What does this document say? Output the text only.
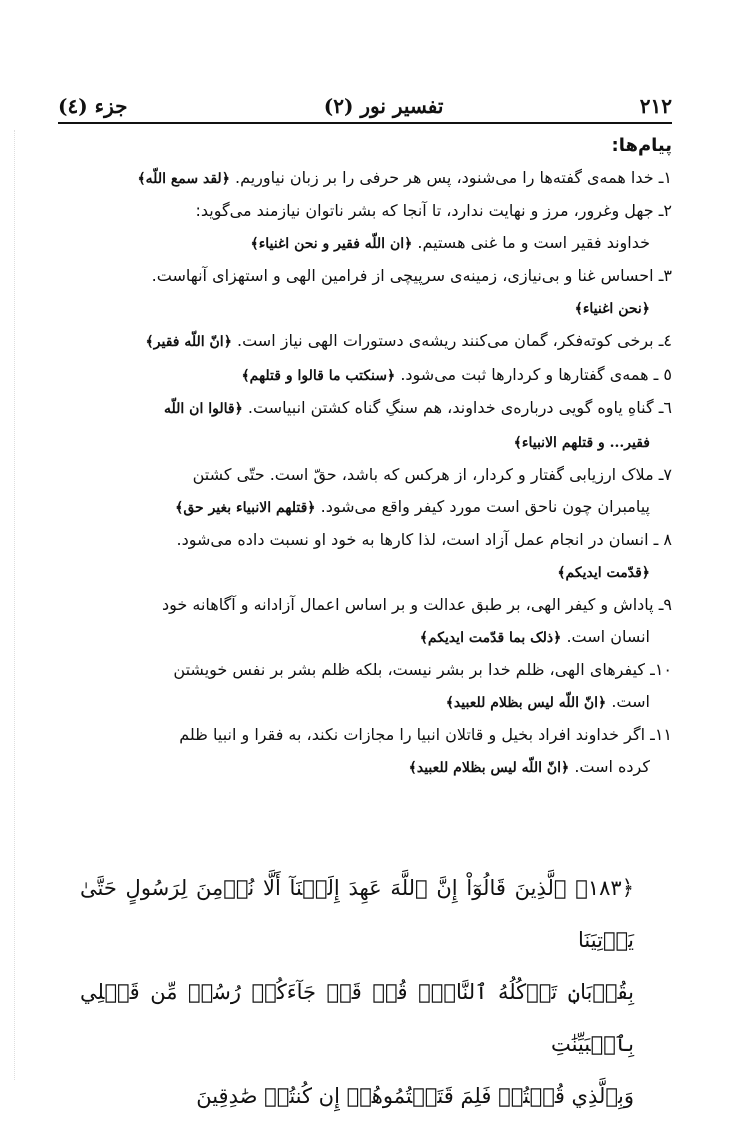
٢١٢
تفسیر نور (٢)
جزء (٤)
پیام‌ها:
١ـ خدا همه‌ی گفته‌ها را می‌شنود، پس هر حرفی را بر زبان نیاوریم. ﴿لقد سمع اللّه﴾
٢ـ جهل وغرور، مرز و نهایت ندارد، تا آنجا که بشر ناتوان نیازمند می‌گوید:
خداوند فقیر است و ما غنی هستیم. ﴿ان اللّه فقیر و نحن اغنیاء﴾
٣ـ احساس غنا و بی‌نیازی، زمینه‌ی سرپیچی از فرامین الهی و استهزای آنهاست.
﴿نحن اغنیاء﴾
٤ـ برخی کوته‌فکر، گمان می‌کنند ریشه‌ی دستورات الهی نیاز است. ﴿انّ اللّه فقیر﴾
٥ ـ همه‌ی گفتارها و کردارها ثبت می‌شود. ﴿سنکتب ما قالوا و قتلهم﴾
٦ـ گناهِ یاوه گویی درباره‌ی خداوند، هم سنگِ گناه کشتن انبیاست. ﴿قالوا ان اللّه
فقیر... و قتلهم الانبیاء﴾
٧ـ ملاک ارزیابی گفتار و کردار، از هرکس که باشد، حقّ است. حتّی کشتن
پیامبران چون ناحق است مورد کیفر واقع می‌شود. ﴿قتلهم الانبیاء بغیر حق﴾
٨ ـ انسان در انجام عمل آزاد است، لذا کارها به خود او نسبت داده می‌شود.
﴿قدّمت ایدیکم﴾
٩ـ پاداش و کیفر الهی، بر طبق عدالت و بر اساس اعمال آزادانه و آگاهانه خود
انسان است. ﴿ذلک بما قدّمت ایدیکم﴾
١٠ـ کیفرهای الهی، ظلم خدا بر بشر نیست، بلکه ظلم بشر بر نفس خویشتن
است. ﴿انّ اللّه لیس بظلام للعبید﴾
١١ـ اگر خداوند افراد بخیل و قاتلان انبیا را مجازات نکند، به فقرا و انبیا ظلم
کرده است. ﴿انّ اللّه لیس بظلام للعبید﴾
﴿١٨٣﴾ ٱلَّذِينَ قَالُوٓاْ إِنَّ ٱللَّهَ عَهِدَ إِلَيۡنَآ أَلَّا نُؤۡمِنَ لِرَسُولٍ حَتَّىٰ يَأۡتِيَنَا
بِقُرۡبَانٖ تَأۡكُلُهُ ٱلنَّارُۗ قُلۡ قَدۡ جَآءَكُمۡ رُسُلٞ مِّن قَبۡلِي بِٱلۡبَيِّنَٰتِ
وَبِٱلَّذِي قُلۡتُمۡ فَلِمَ قَتَلۡتُمُوهُمۡ إِن كُنتُمۡ صَٰدِقِينَ
